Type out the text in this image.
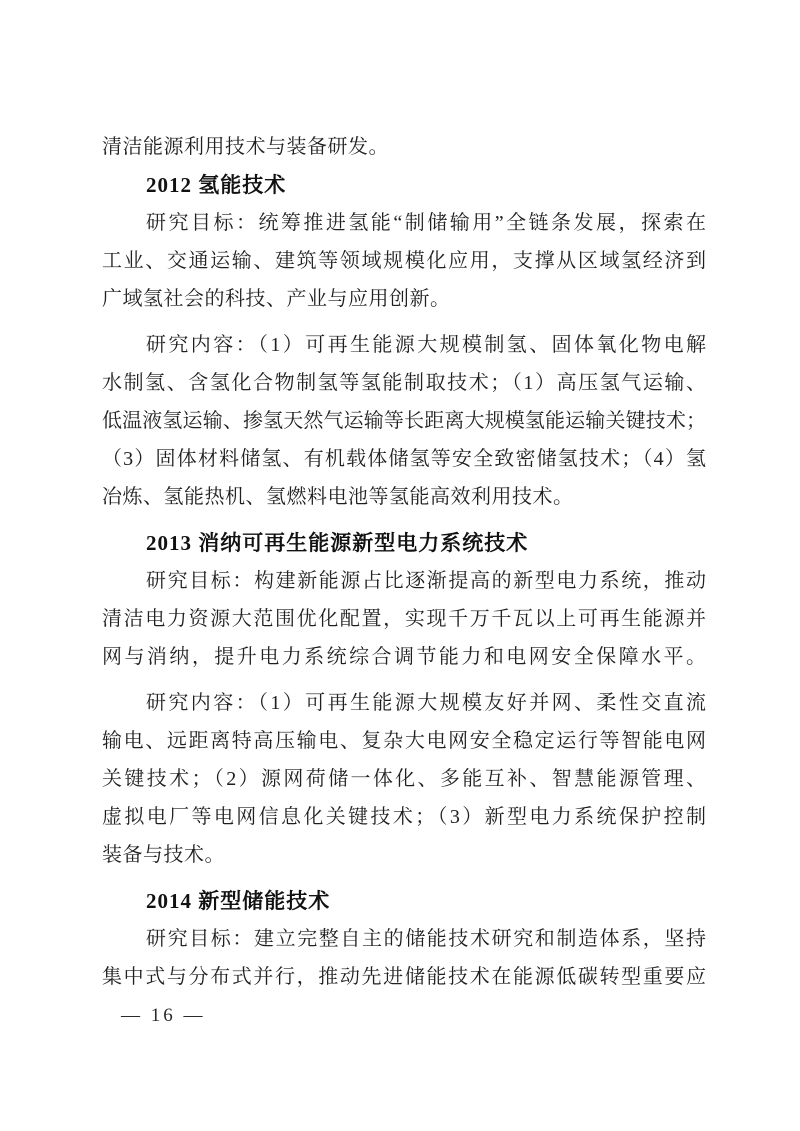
清洁能源利用技术与装备研发。
2012 氢能技术
研究目标：统筹推进氢能“制储输用”全链条发展，探索在
工业、交通运输、建筑等领域规模化应用，支撑从区域氢经济到
广域氢社会的科技、产业与应用创新。
研究内容：（1）可再生能源大规模制氢、固体氧化物电解
水制氢、含氢化合物制氢等氢能制取技术；（1）高压氢气运输、
低温液氢运输、掺氢天然气运输等长距离大规模氢能运输关键技术；
（3）固体材料储氢、有机载体储氢等安全致密储氢技术；（4）氢
冶炼、氢能热机、氢燃料电池等氢能高效利用技术。
2013 消纳可再生能源新型电力系统技术
研究目标：构建新能源占比逐渐提高的新型电力系统，推动
清洁电力资源大范围优化配置，实现千万千瓦以上可再生能源并
网与消纳，提升电力系统综合调节能力和电网安全保障水平。
研究内容：（1）可再生能源大规模友好并网、柔性交直流
输电、远距离特高压输电、复杂大电网安全稳定运行等智能电网
关键技术；（2）源网荷储一体化、多能互补、智慧能源管理、
虚拟电厂等电网信息化关键技术；（3）新型电力系统保护控制
装备与技术。
2014 新型储能技术
研究目标：建立完整自主的储能技术研究和制造体系，坚持
集中式与分布式并行，推动先进储能技术在能源低碳转型重要应
— 16 —
